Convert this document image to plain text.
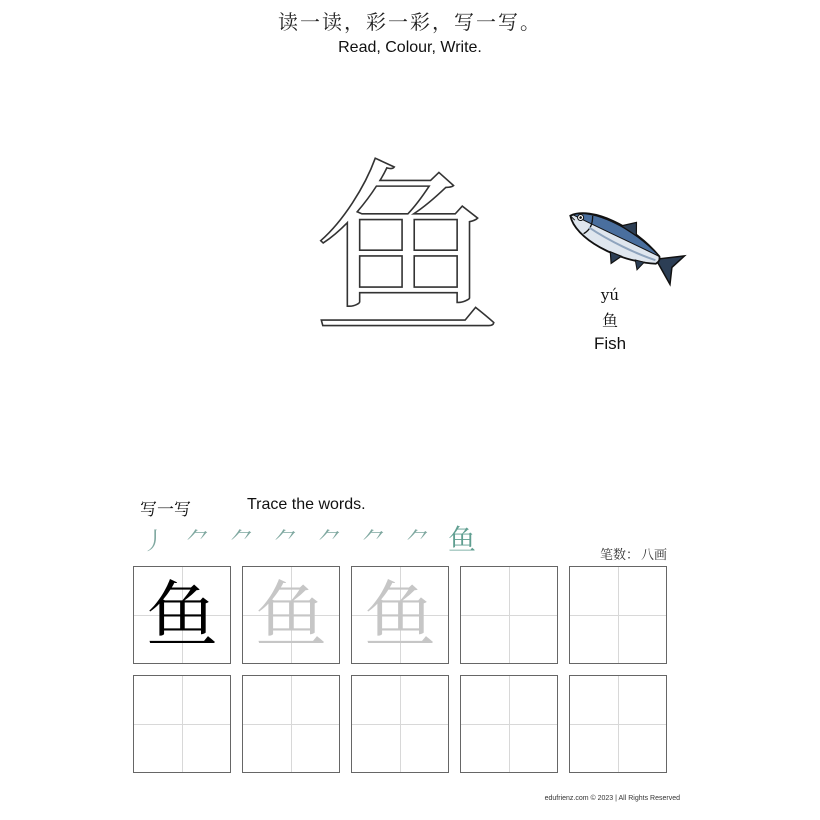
读一读，彩一彩，写一写。
Read, Colour, Write.
鱼	yú
鱼
Fish
写一写	Trace the words.
丿 ⺈ ⺈ ⺈ ⺈ ⺈ ⺈ 鱼	笔数： 八画
鱼 鱼 鱼
edufrienz.com © 2023 | All Rights Reserved
